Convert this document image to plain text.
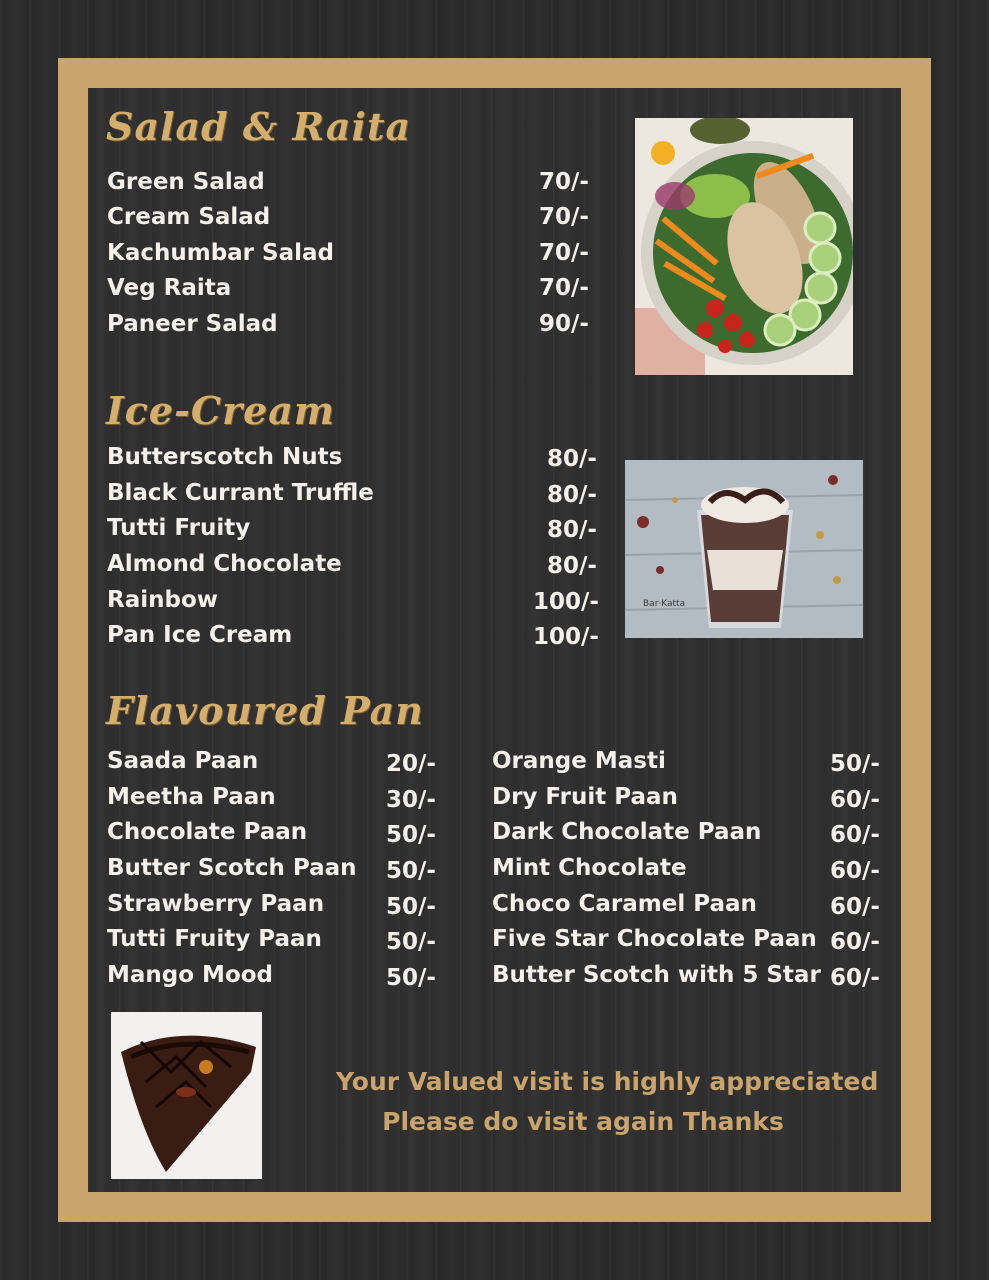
Salad & Raita
Green Salad	70/-
Cream Salad	70/-
Kachumbar Salad	70/-
Veg Raita	70/-
Paneer Salad	90/-
Ice-Cream
Butterscotch Nuts	80/-
Black Currant Truffle	80/-
Tutti Fruity	80/-
Almond Chocolate	80/-
Rainbow	100/-
Pan Ice Cream	100/-
Bar·Katta
Flavoured Pan
Saada Paan	20/-
Meetha Paan	30/-
Chocolate Paan	50/-
Butter Scotch Paan 50/-
Strawberry Paan	50/-
Tutti Fruity Paan	50/-
Mango Mood	50/-
Orange Masti	50/-
Dry Fruit Paan	60/-
Dark Chocolate Paan	60/-
Mint Chocolate	60/-
Choco Caramel Paan	60/-
Five Star Chocolate Paan 60/-
Butter Scotch with 5 Star 60/-
Your Valued visit is highly appreciated
Please do visit again Thanks
